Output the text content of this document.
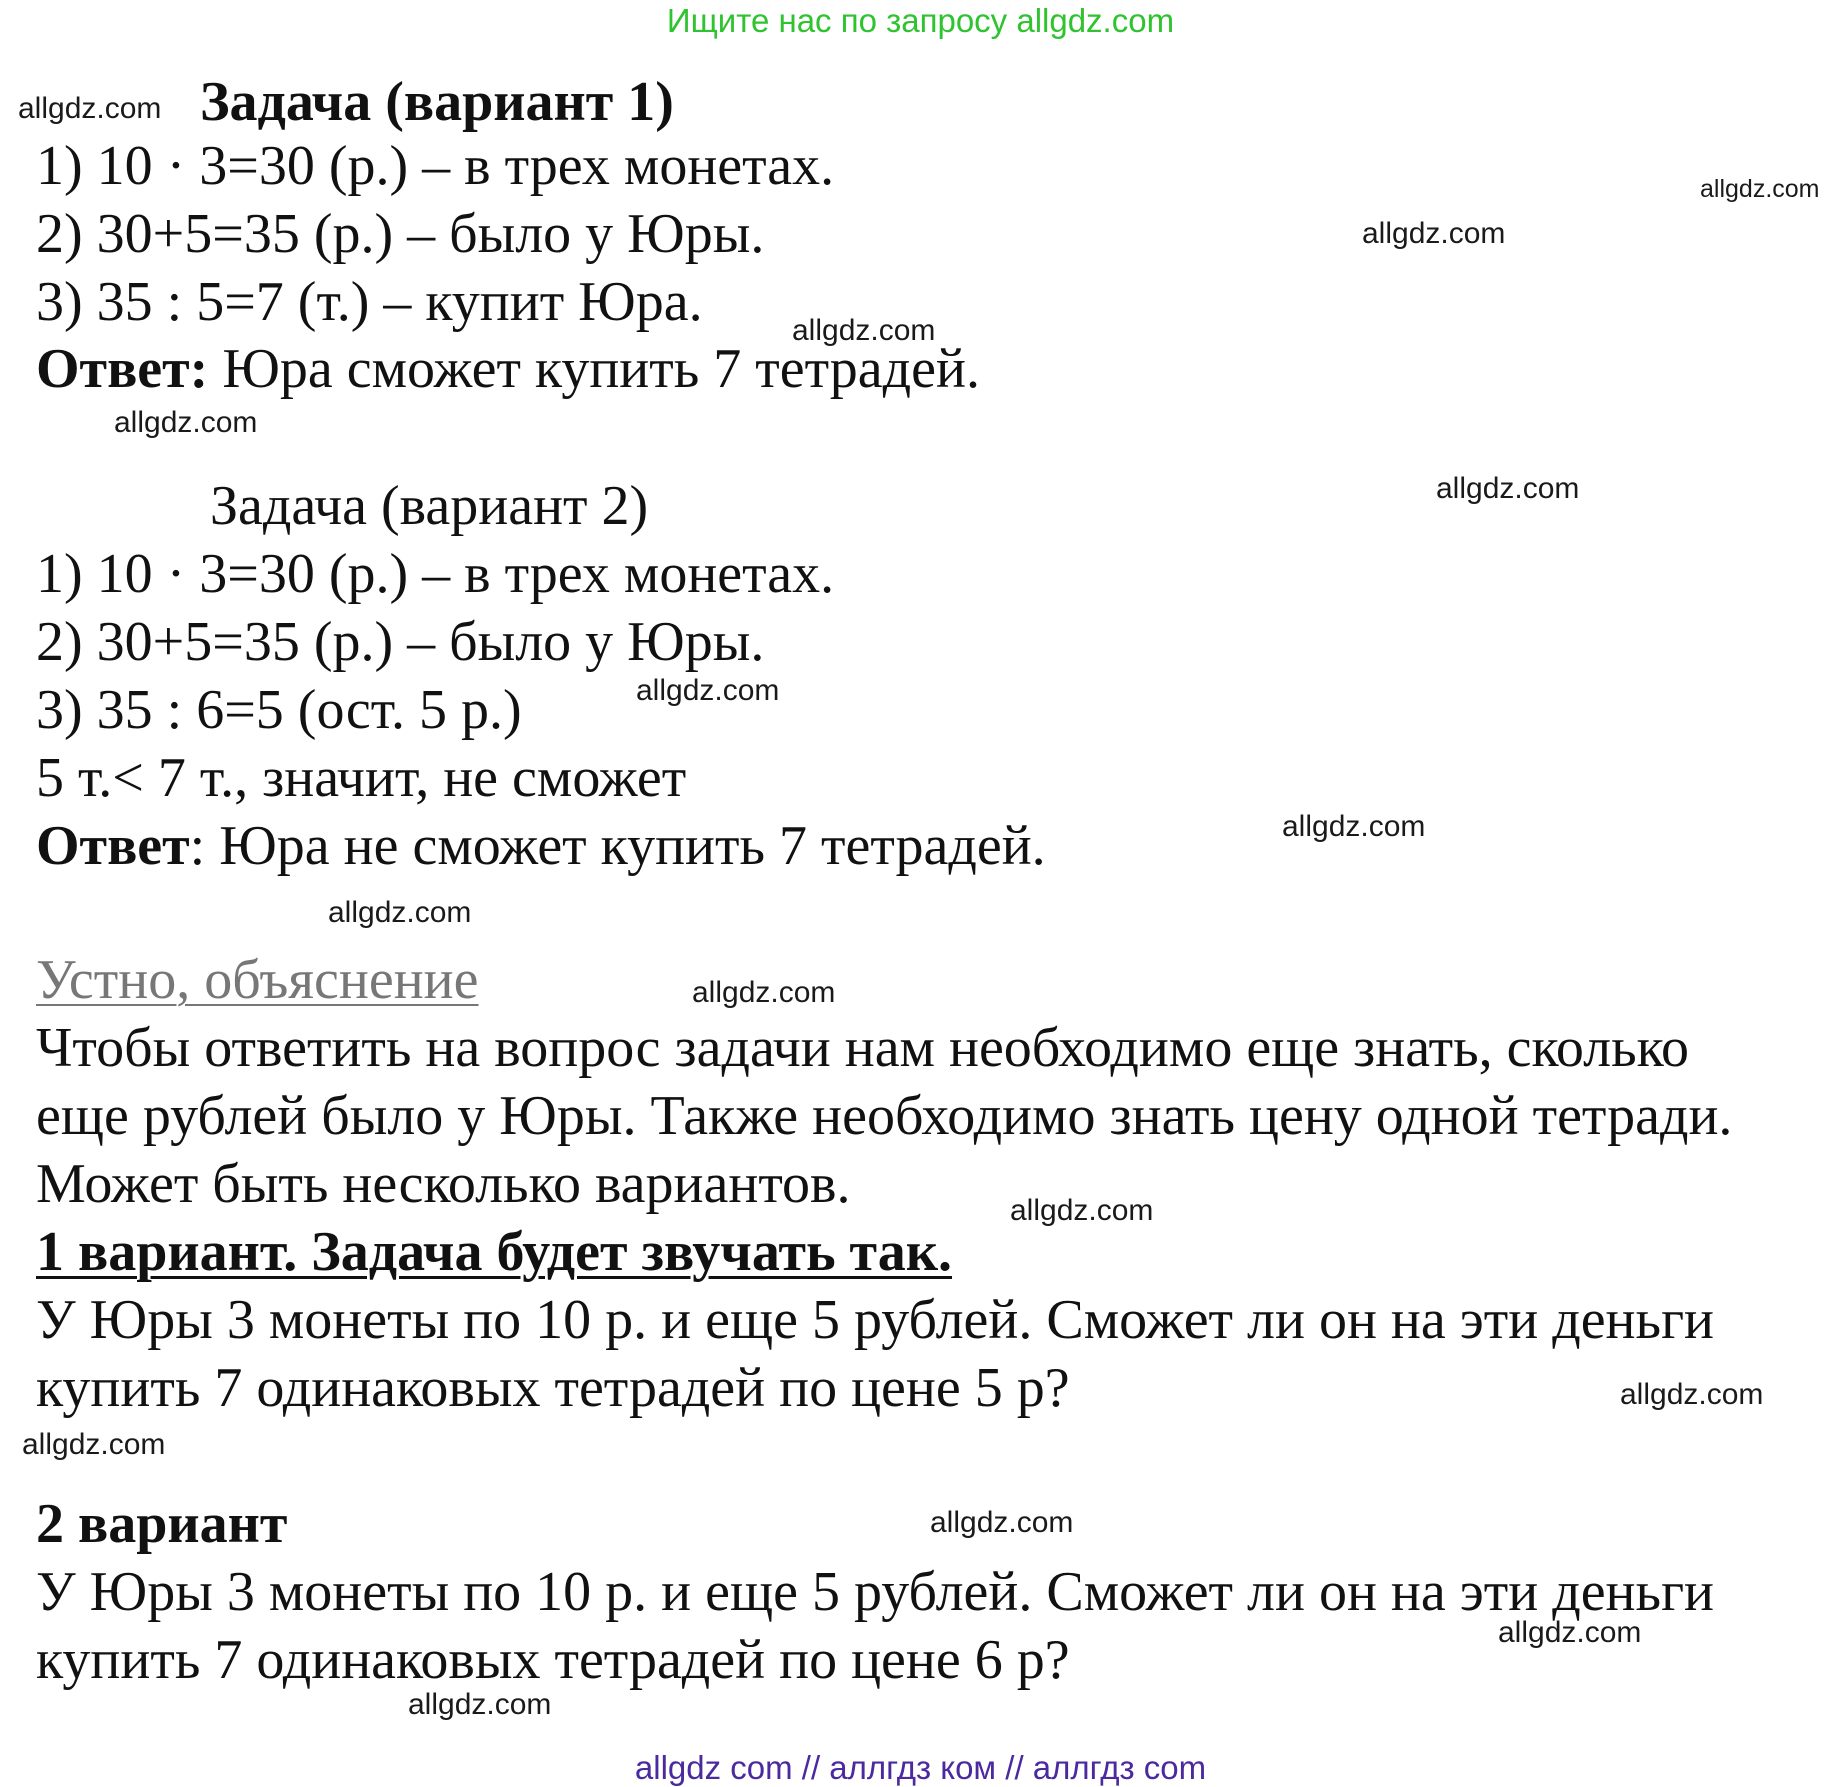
Ищите нас по запросу allgdz.com
Задача (вариант 1)
1) 10 · 3=30 (р.) – в трех монетах.
2) 30+5=35 (р.) – было у Юры.
3) 35 : 5=7 (т.) – купит Юра.
Ответ: Юра сможет купить 7 тетрадей.
Задача (вариант 2)
1) 10 · 3=30 (р.) – в трех монетах.
2) 30+5=35 (р.) – было у Юры.
3) 35 : 6=5 (ост. 5 р.)
5 т.< 7 т., значит, не сможет
Ответ: Юра не сможет купить 7 тетрадей.
Устно, объяснение
Чтобы ответить на вопрос задачи нам необходимо еще знать, сколько
еще рублей было у Юры. Также необходимо знать цену одной тетради.
Может быть несколько вариантов.
1 вариант. Задача будет звучать так.
У Юры 3 монеты по 10 р. и еще 5 рублей. Сможет ли он на эти деньги
купить 7 одинаковых тетрадей по цене 5 р?
2 вариант
У Юры 3 монеты по 10 р. и еще 5 рублей. Сможет ли он на эти деньги
купить 7 одинаковых тетрадей по цене 6 р?
allgdz.com
allgdz.com
allgdz.com
allgdz.com
allgdz.com
allgdz.com
allgdz.com
allgdz.com
allgdz.com
allgdz.com
allgdz.com
allgdz.com
allgdz.com
allgdz.com
allgdz.com
allgdz.com
allgdz com // аллгдз ком // аллгдз com
